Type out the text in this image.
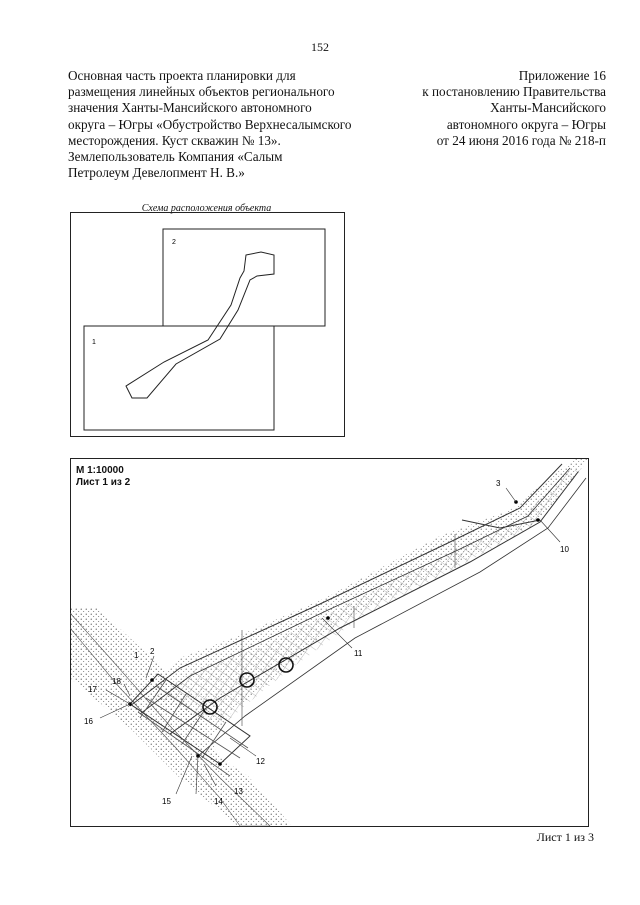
152
Основная часть проекта планировки для
размещения линейных объектов регионального
значения Ханты-Мансийского автономного
округа – Югры «Обустройство Верхнесалымского
месторождения. Куст скважин № 13».
Землепользователь Компания «Салым
Петролеум Девелопмент Н. В.»
Приложение 16
к постановлению Правительства
Ханты-Мансийского
автономного округа – Югры
от 24 июня 2016 года № 218-п
Схема расположения объекта
2
1
1 2
3
10
11
12
13
14
15
16
17
18
М 1:10000
Лист 1 из 2
Лист 1 из 3
